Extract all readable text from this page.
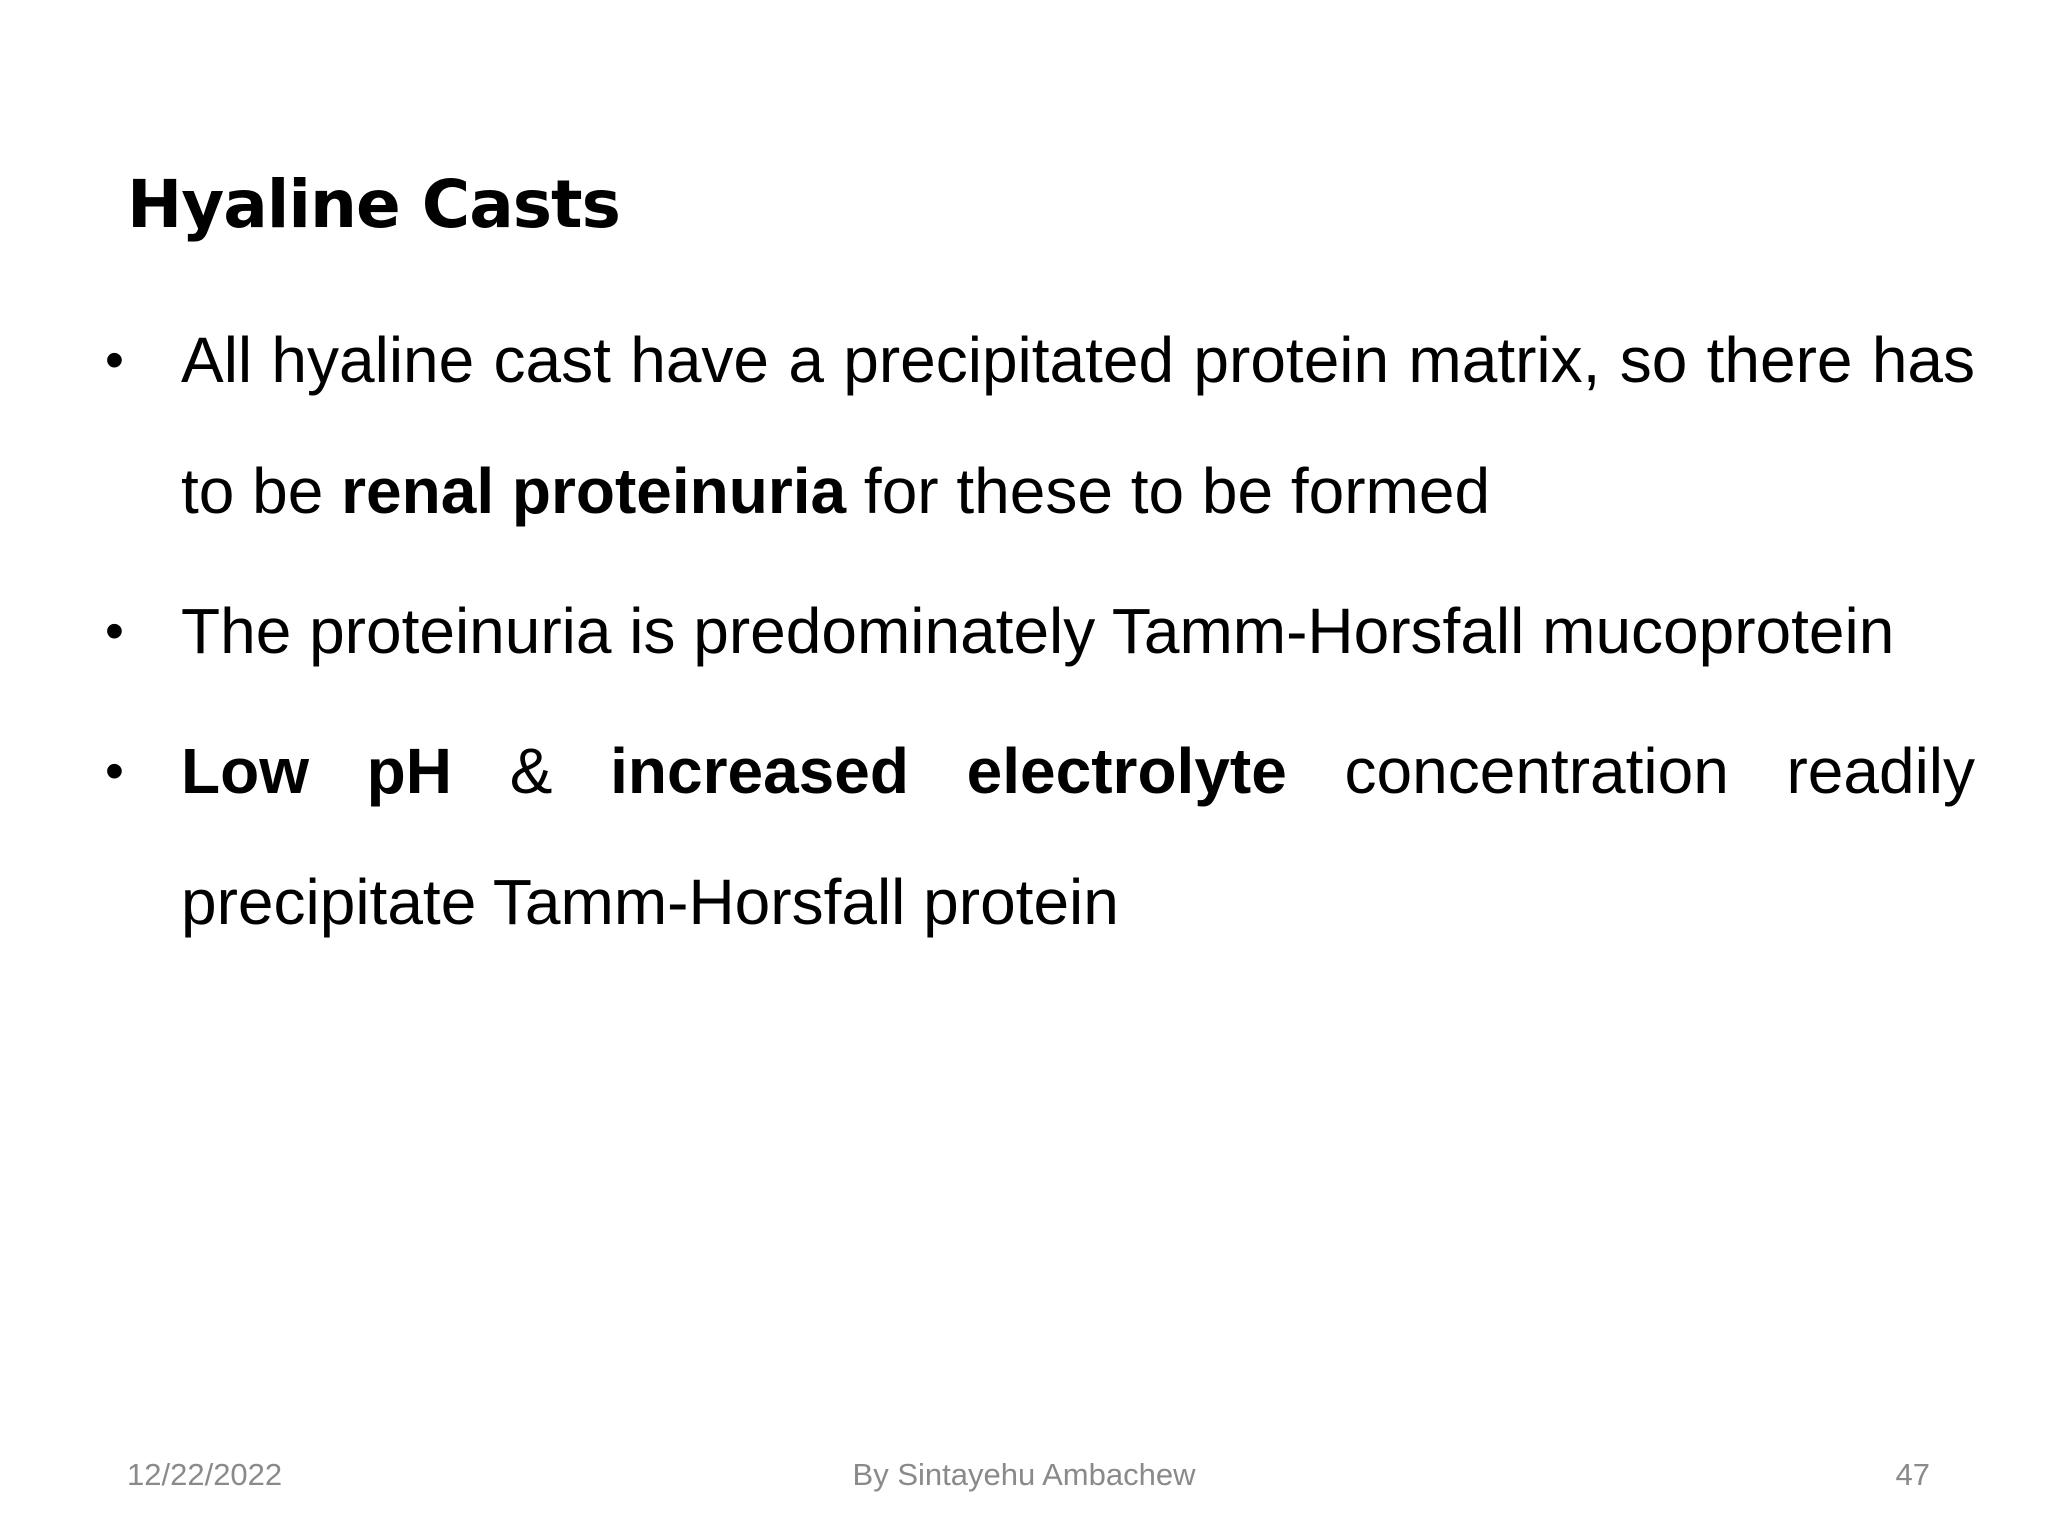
Hyaline Casts
• All hyaline cast have a precipitated protein matrix, so there has to be renal proteinuria for these to be formed
• The proteinuria is predominately Tamm-Horsfall mucoprotein
• Low pH & increased electrolyte concentration readily precipitate Tamm-Horsfall protein
12/22/2022	By Sintayehu Ambachew	47
